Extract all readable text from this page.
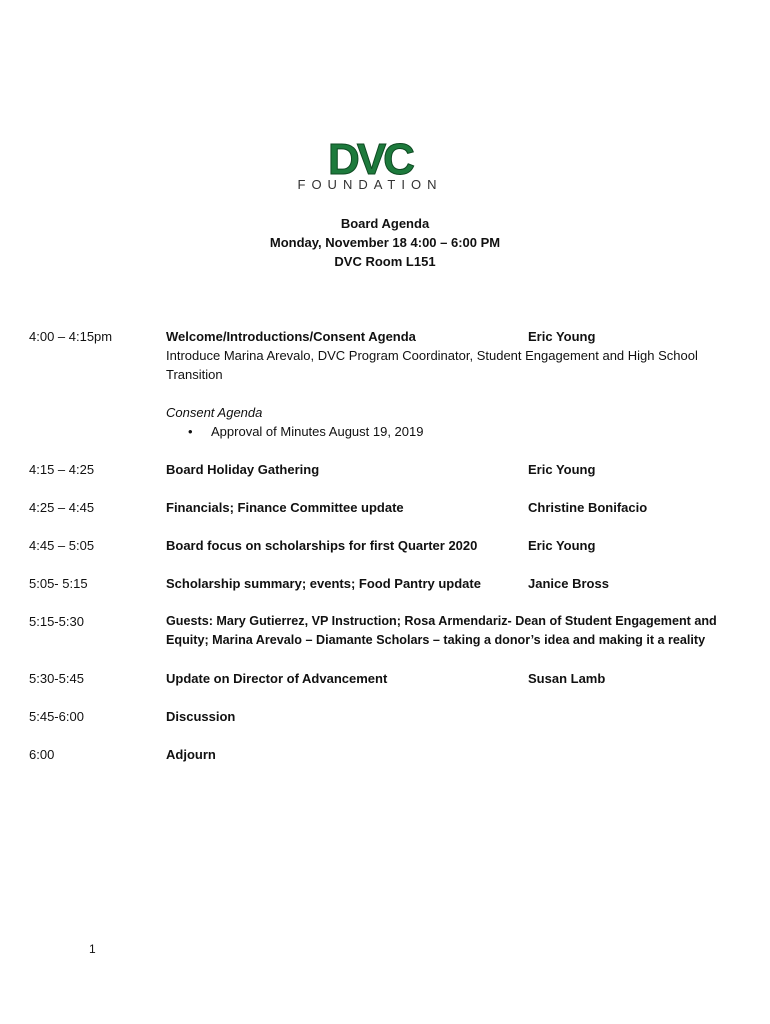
DVC
FOUNDATION
Board Agenda
Monday, November 18 4:00 – 6:00 PM
DVC Room L151
4:00 – 4:15pm	Welcome/Introductions/Consent Agenda	Eric Young
Introduce Marina Arevalo, DVC Program Coordinator, Student Engagement and High School Transition
Consent Agenda
• Approval of Minutes August 19, 2019
4:15 – 4:25	Board Holiday Gathering	Eric Young
4:25 – 4:45	Financials; Finance Committee update	Christine Bonifacio
4:45 – 5:05	Board focus on scholarships for first Quarter 2020	Eric Young
5:05- 5:15	Scholarship summary; events; Food Pantry update	Janice Bross
5:15-5:30	Guests: Mary Gutierrez, VP Instruction; Rosa Armendariz- Dean of Student Engagement and Equity; Marina Arevalo – Diamante Scholars – taking a donor’s idea and making it a reality
5:30-5:45	Update on Director of Advancement	Susan Lamb
5:45-6:00	Discussion
6:00	Adjourn
1
